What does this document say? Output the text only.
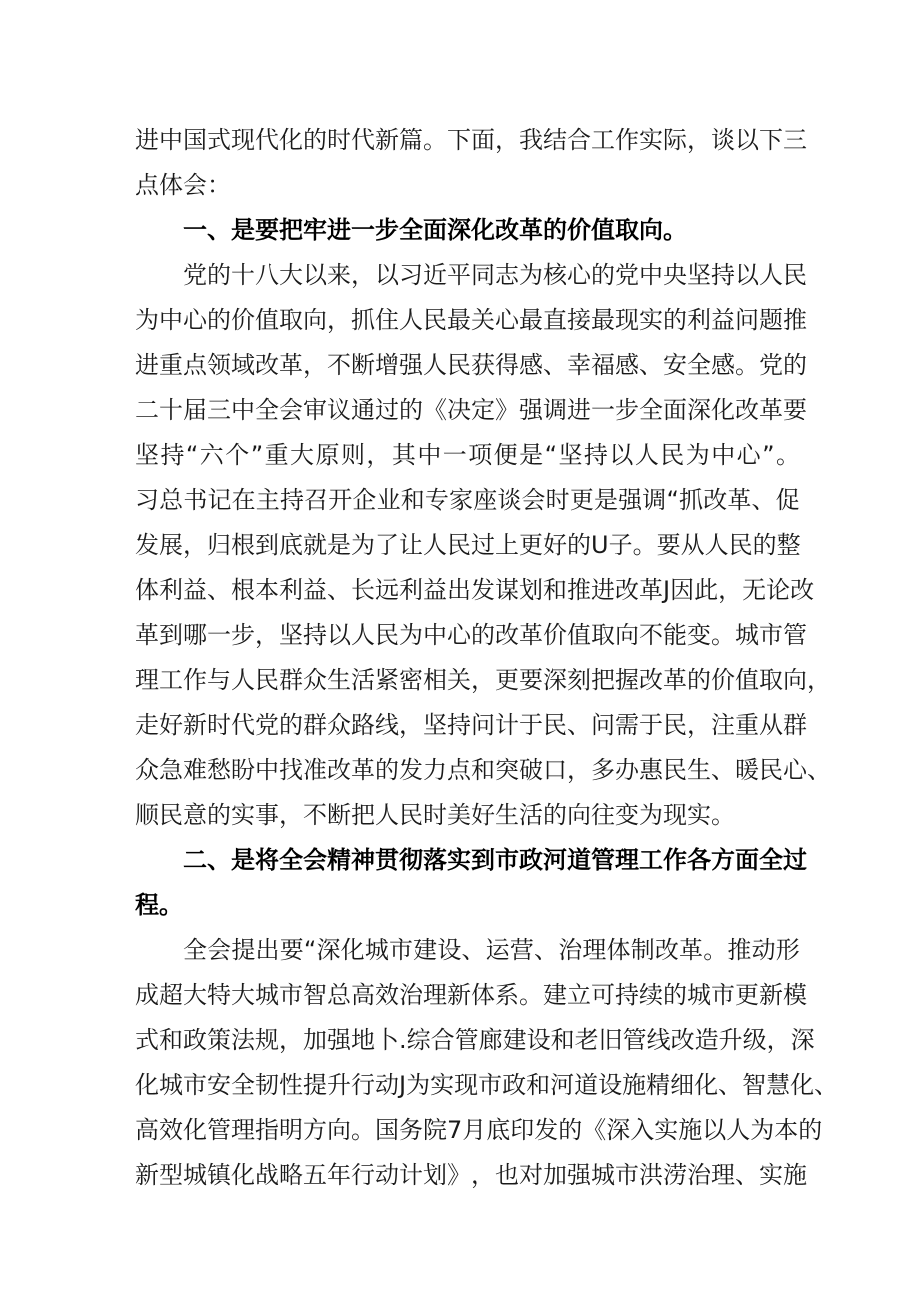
进 中 国 式 现 代 化 的 时 代 新 篇 。 下 面 ， 我 结 合 工 作 实 际 ， 谈 以 下 三
点体会：
一、是要把牢进一步全面深化改革的价值取向。
党 的 十 八 大 以 来 ， 以 习 近 平 同 志 为 核 心 的 党 中 央 坚 持 以 人 民
为 中 心 的 价 值 取 向 ， 抓 住 人 民 最 关 心 最 直 接 最 现 实 的 利 益 问 题 推
进 重 点 领 域 改 革 ， 不 断 增 强 人 民 获 得 感 、 幸 福 感 、 安 全 感 。 党 的
二 十 届 三 中 全 会 审 议 通 过 的 《 决 定 》 强 调 进 一 步 全 面 深 化 改 革 要
坚 持 “ 六 个 ” 重 大 原 则 ， 其 中 一 项 便 是 “ 坚 持 以 人 民 为 中 心 ” 。
习 总 书 记 在 主 持 召 开 企 业 和 专 家 座 谈 会 时 更 是 强 调 “ 抓 改 革 、 促
发 展 ， 归 根 到 底 就 是 为 了 让 人 民 过 上 更 好 的 U 子 。 要 从 人 民 的 整
体 利 益 、 根 本 利 益 、 长 远 利 益 出 发 谋 划 和 推 进 改 革 J 因 此 ， 无 论 改
革 到 哪 一 步 ， 坚 持 以 人 民 为 中 心 的 改 革 价 值 取 向 不 能 变 。 城 市 管
理 工 作 与 人 民 群 众 生 活 紧 密 相 关 ， 更 要 深 刻 把 握 改 革 的 价 值 取 向 ，
走 好 新 时 代 党 的 群 众 路 线 ， 坚 持 问 计 于 民 、 问 需 于 民 ， 注 重 从 群
众 急 难 愁 盼 中 找 准 改 革 的 发 力 点 和 突 破 口 ， 多 办 惠 民 生 、 暖 民 心 、
顺民意的实事，不断把人民时美好生活的向往变为现实。
二 、 是 将 全 会 精 神 贯 彻 落 实 到 市 政 河 道 管 理 工 作 各 方 面 全 过
程。
全 会 提 出 要 “ 深 化 城 市 建 设 、 运 营 、 治 理 体 制 改 革 。 推 动 形
成 超 大 特 大 城 市 智 总 高 效 治 理 新 体 系 。 建 立 可 持 续 的 城 市 更 新 模
式 和 政 策 法 规 ， 加 强 地 卜 . 综 合 管 廊 建 设 和 老 旧 管 线 改 造 升 级 ， 深
化 城 市 安 全 韧 性 提 升 行 动 J 为 实 现 市 政 和 河 道 设 施 精 细 化 、 智 慧 化 、
高 效 化 管 理 指 明 方 向 。 国 务 院 7 月 底 印 发 的 《 深 入 实 施 以 人 为 本 的
新 型 城 镇 化 战 略 五 年 行 动 计 划 》 ， 也 对 加 强 城 市 洪 涝 治 理 、 实 施
